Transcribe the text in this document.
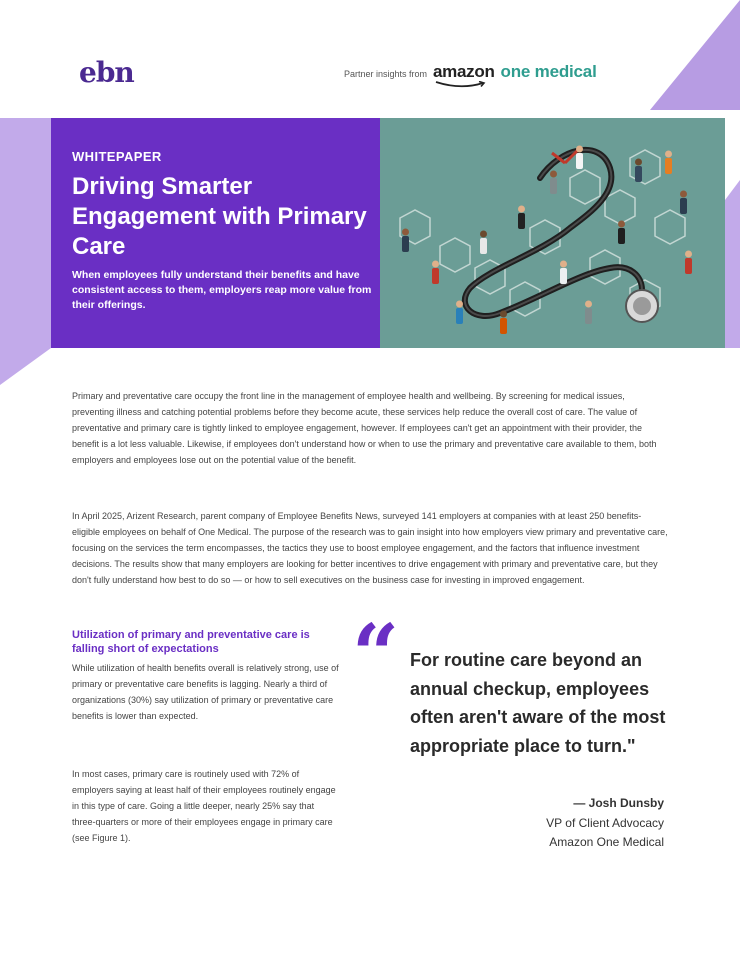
ebn	Partner insights from amazon one medical
WHITEPAPER
Driving Smarter Engagement with Primary Care
When employees fully understand their benefits and have consistent access to them, employers reap more value from their offerings.

Primary and preventative care occupy the front line in the management of employee health and wellbeing. By screening for medical issues, preventing illness and catching potential problems before they become acute, these services help reduce the overall cost of care. The value of preventative and primary care is tightly linked to employee engagement, however. If employees can't get an appointment with their provider, the benefit is a lot less valuable. Likewise, if employees don't understand how or when to use the primary and preventative care available to them, both employers and employees lose out on the potential value of the benefit.

In April 2025, Arizent Research, parent company of Employee Benefits News, surveyed 141 employers at companies with at least 250 benefits-eligible employees on behalf of One Medical. The purpose of the research was to gain insight into how employers view primary and preventative care, focusing on the services the term encompasses, the tactics they use to boost employee engagement, and the factors that influence investment decisions. The results show that many employers are looking for better incentives to drive engagement with primary and preventative care, but they don't fully understand how best to do so — or how to sell executives on the business case for investing in improved engagement.

Utilization of primary and preventative care is falling short of expectations

While utilization of health benefits overall is relatively strong, use of primary or preventative care benefits is lagging. Nearly a third of organizations (30%) say utilization of primary or preventative care benefits is lower than expected.

In most cases, primary care is routinely used with 72% of employers saying at least half of their employees routinely engage in this type of care. Going a little deeper, nearly 25% say that three-quarters or more of their employees engage in primary care (see Figure 1).

“ For routine care beyond an annual checkup, employees often aren't aware of the most appropriate place to turn."

— Josh Dunsby
VP of Client Advocacy
Amazon One Medical
